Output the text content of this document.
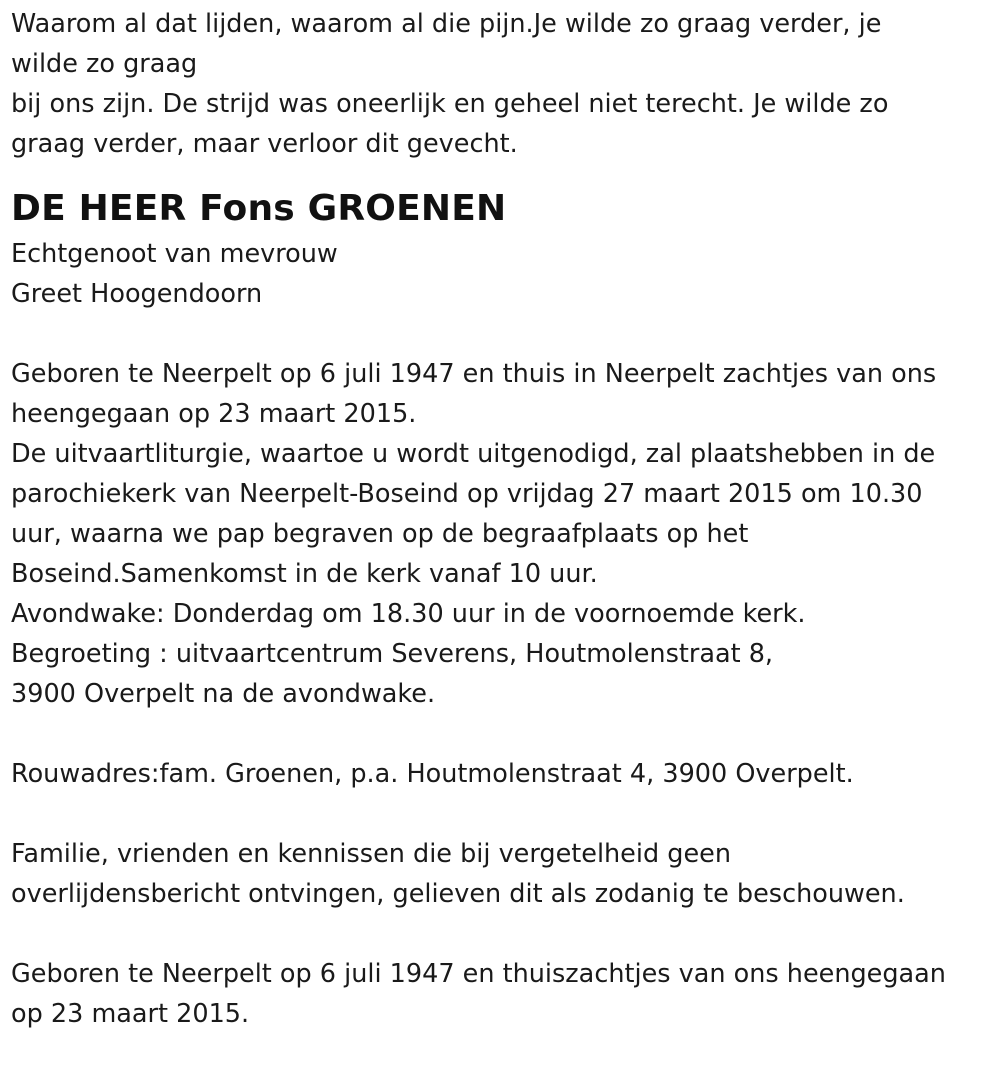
Waarom al dat lijden, waarom al die pijn.Je wilde zo graag verder, je
wilde zo graag
bij ons zijn. De strijd was oneerlijk en geheel niet terecht. Je wilde zo
graag verder, maar verloor dit gevecht.
DE HEER Fons GROENEN
Echtgenoot van mevrouw
Greet Hoogendoorn
Geboren te Neerpelt op 6 juli 1947 en thuis in Neerpelt zachtjes van ons
heengegaan op 23 maart 2015.
De uitvaartliturgie, waartoe u wordt uitgenodigd, zal plaatshebben in de
parochiekerk van Neerpelt-Boseind op vrijdag 27 maart 2015 om 10.30
uur, waarna we pap begraven op de begraafplaats op het
Boseind.Samenkomst in de kerk vanaf 10 uur.
Avondwake: Donderdag om 18.30 uur in de voornoemde kerk.
Begroeting : uitvaartcentrum Severens, Houtmolenstraat 8,
3900 Overpelt na de avondwake.
Rouwadres:fam. Groenen, p.a. Houtmolenstraat 4, 3900 Overpelt.
Familie, vrienden en kennissen die bij vergetelheid geen
overlijdensbericht ontvingen, gelieven dit als zodanig te beschouwen.
Geboren te Neerpelt op 6 juli 1947 en thuiszachtjes van ons heengegaan
op 23 maart 2015.
